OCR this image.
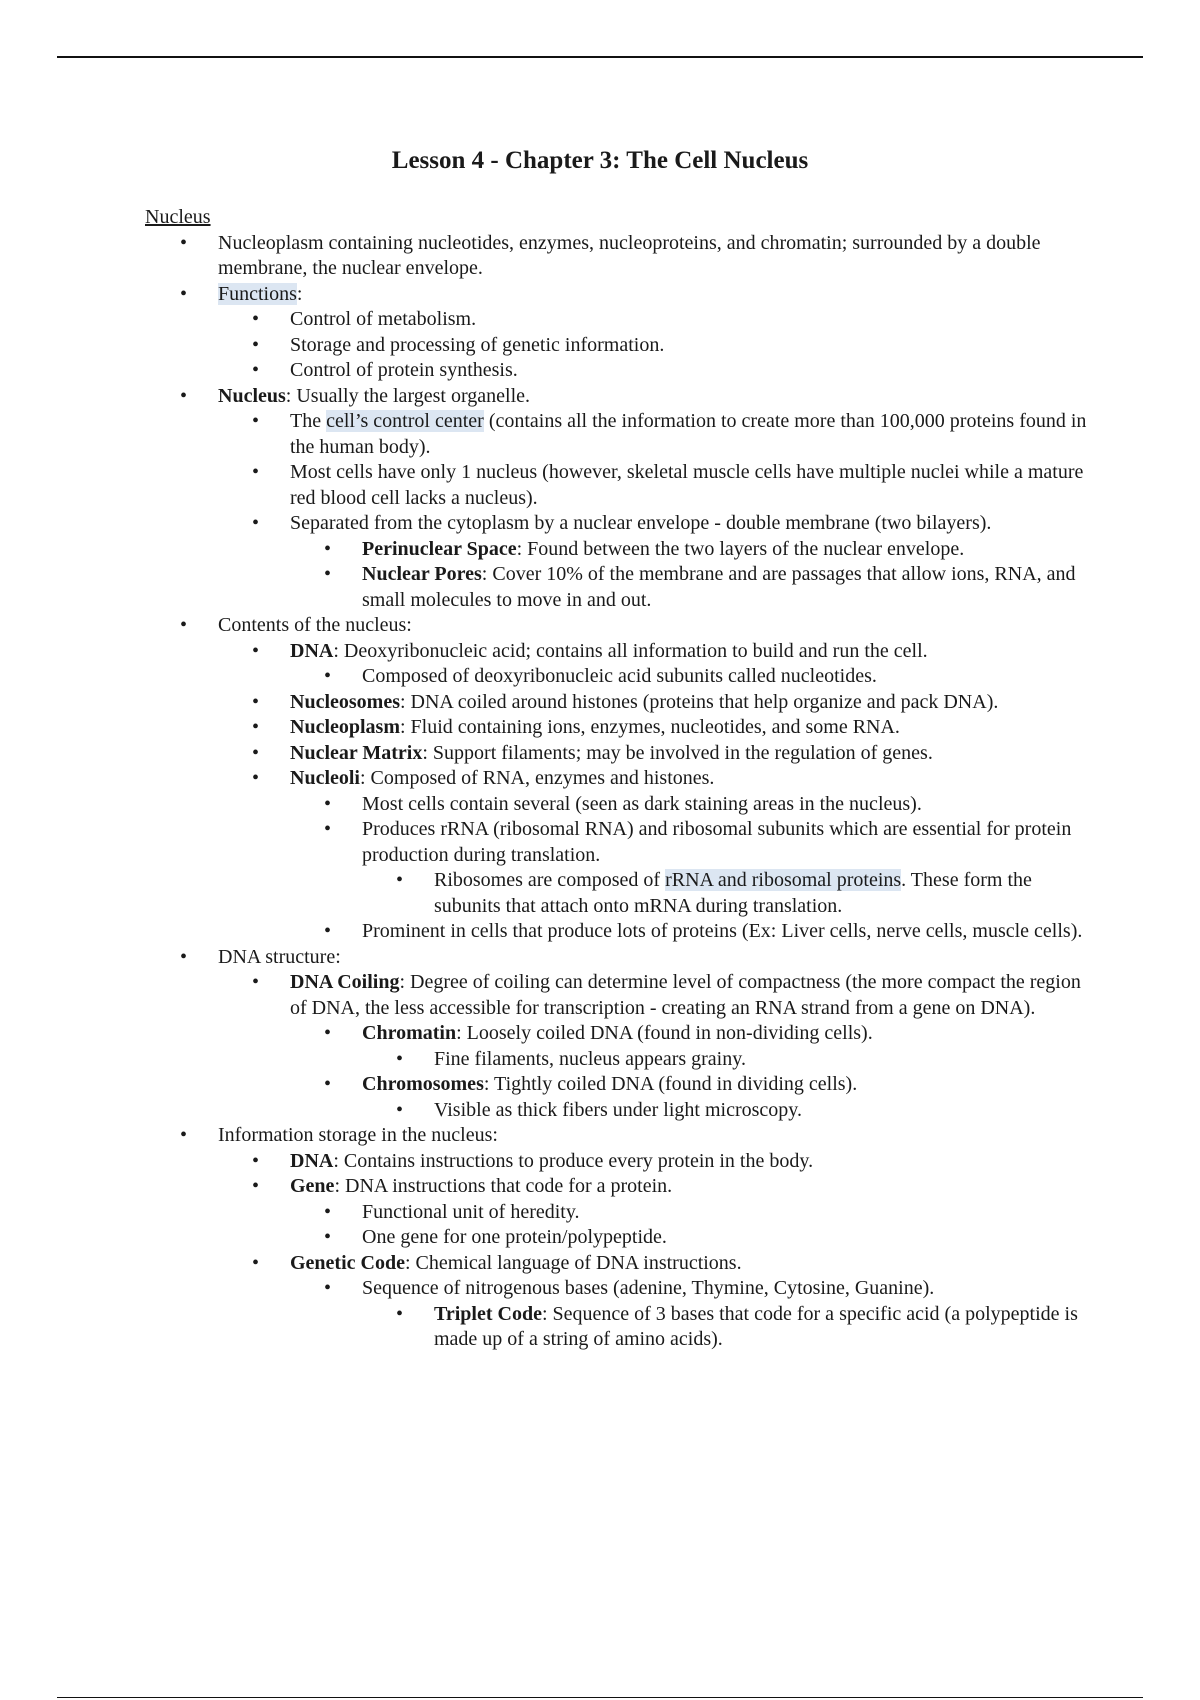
Lesson 4 - Chapter 3: The Cell Nucleus

Nucleus

• Nucleoplasm containing nucleotides, enzymes, nucleoproteins, and chromatin; surrounded by a double membrane, the nuclear envelope.
• Functions:
• Control of metabolism.
• Storage and processing of genetic information.
• Control of protein synthesis.
• Nucleus: Usually the largest organelle.
• The cell’s control center (contains all the information to create more than 100,000 proteins found in the human body).
• Most cells have only 1 nucleus (however, skeletal muscle cells have multiple nuclei while a mature red blood cell lacks a nucleus).
• Separated from the cytoplasm by a nuclear envelope - double membrane (two bilayers).
• Perinuclear Space: Found between the two layers of the nuclear envelope.
• Nuclear Pores: Cover 10% of the membrane and are passages that allow ions, RNA, and small molecules to move in and out.
• Contents of the nucleus:
• DNA: Deoxyribonucleic acid; contains all information to build and run the cell.
• Composed of deoxyribonucleic acid subunits called nucleotides.
• Nucleosomes: DNA coiled around histones (proteins that help organize and pack DNA).
• Nucleoplasm: Fluid containing ions, enzymes, nucleotides, and some RNA.
• Nuclear Matrix: Support filaments; may be involved in the regulation of genes.
• Nucleoli: Composed of RNA, enzymes and histones.
• Most cells contain several (seen as dark staining areas in the nucleus).
• Produces rRNA (ribosomal RNA) and ribosomal subunits which are essential for protein production during translation.
• Ribosomes are composed of rRNA and ribosomal proteins. These form the subunits that attach onto mRNA during translation.
• Prominent in cells that produce lots of proteins (Ex: Liver cells, nerve cells, muscle cells).
• DNA structure:
• DNA Coiling: Degree of coiling can determine level of compactness (the more compact the region of DNA, the less accessible for transcription - creating an RNA strand from a gene on DNA).
• Chromatin: Loosely coiled DNA (found in non-dividing cells).
• Fine filaments, nucleus appears grainy.
• Chromosomes: Tightly coiled DNA (found in dividing cells).
• Visible as thick fibers under light microscopy.
• Information storage in the nucleus:
• DNA: Contains instructions to produce every protein in the body.
• Gene: DNA instructions that code for a protein.
• Functional unit of heredity.
• One gene for one protein/polypeptide.
• Genetic Code: Chemical language of DNA instructions.
• Sequence of nitrogenous bases (adenine, Thymine, Cytosine, Guanine).
• Triplet Code: Sequence of 3 bases that code for a specific acid (a polypeptide is made up of a string of amino acids).
